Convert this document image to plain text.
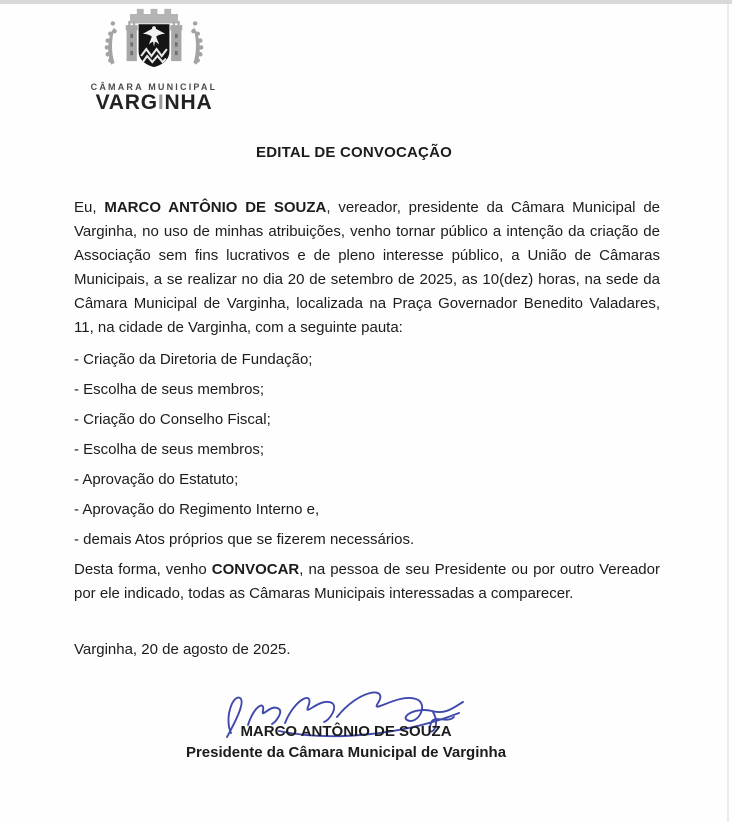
CÂMARA MUNICIPAL
VARGINHA
EDITAL DE CONVOCAÇÃO

Eu, MARCO ANTÔNIO DE SOUZA, vereador, presidente da Câmara Municipal de Varginha, no uso de minhas atribuições, venho tornar público a intenção da criação de Associação sem fins lucrativos e de pleno interesse público, a União de Câmaras Municipais, a se realizar no dia 20 de setembro de 2025, as 10(dez) horas, na sede da Câmara Municipal de Varginha, localizada na Praça Governador Benedito Valadares, 11, na cidade de Varginha, com a seguinte pauta:

- Criação da Diretoria de Fundação;
- Escolha de seus membros;
- Criação do Conselho Fiscal;
- Escolha de seus membros;
- Aprovação do Estatuto;
- Aprovação do Regimento Interno e,
- demais Atos próprios que se fizerem necessários.

Desta forma, venho CONVOCAR, na pessoa de seu Presidente ou por outro Vereador por ele indicado, todas as Câmaras Municipais interessadas a comparecer.

Varginha, 20 de agosto de 2025.
MARCO ANTÔNIO DE SOUZA
Presidente da Câmara Municipal de Varginha
